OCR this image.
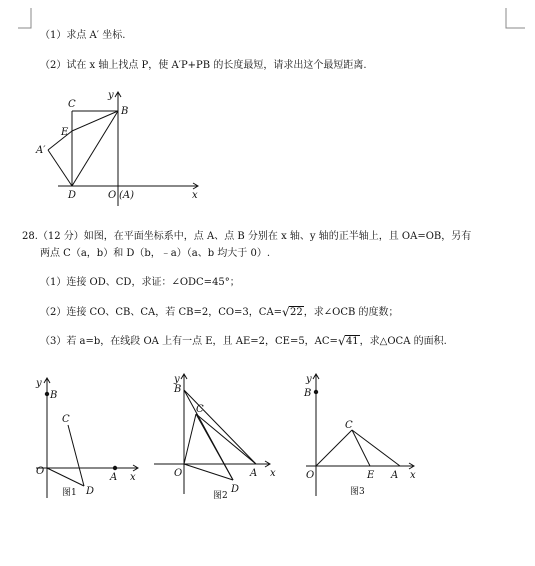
（1）求点 A′ 坐标.
（2）试在 x 轴上找点 P，使 A′P+PB 的长度最短，请求出这个最短距离.
y
B
C
E
A′
D	O (A)	x
28.（12 分）如图，在平面坐标系中，点 A、点 B 分别在 x 轴、y 轴的正半轴上，且 OA=OB，另有
两点 C（a，b）和 D（b，﹣a）（a、b 均大于 0）.
（1）连接 OD、CD，求证：∠ODC=45°；
（2）连接 CO、CB、CA，若 CB=2，CO=3，CA= √ 22，求∠OCB 的度数；
（3）若 a=b，在线段 OA 上有一点 E，且 AE=2，CE=5，AC= √ 41，求△OCA 的面积.
y
B
C
O
A x
D
图1
y
B
C
O	A x
D
图2
y
B
C
O	E A x
图3
